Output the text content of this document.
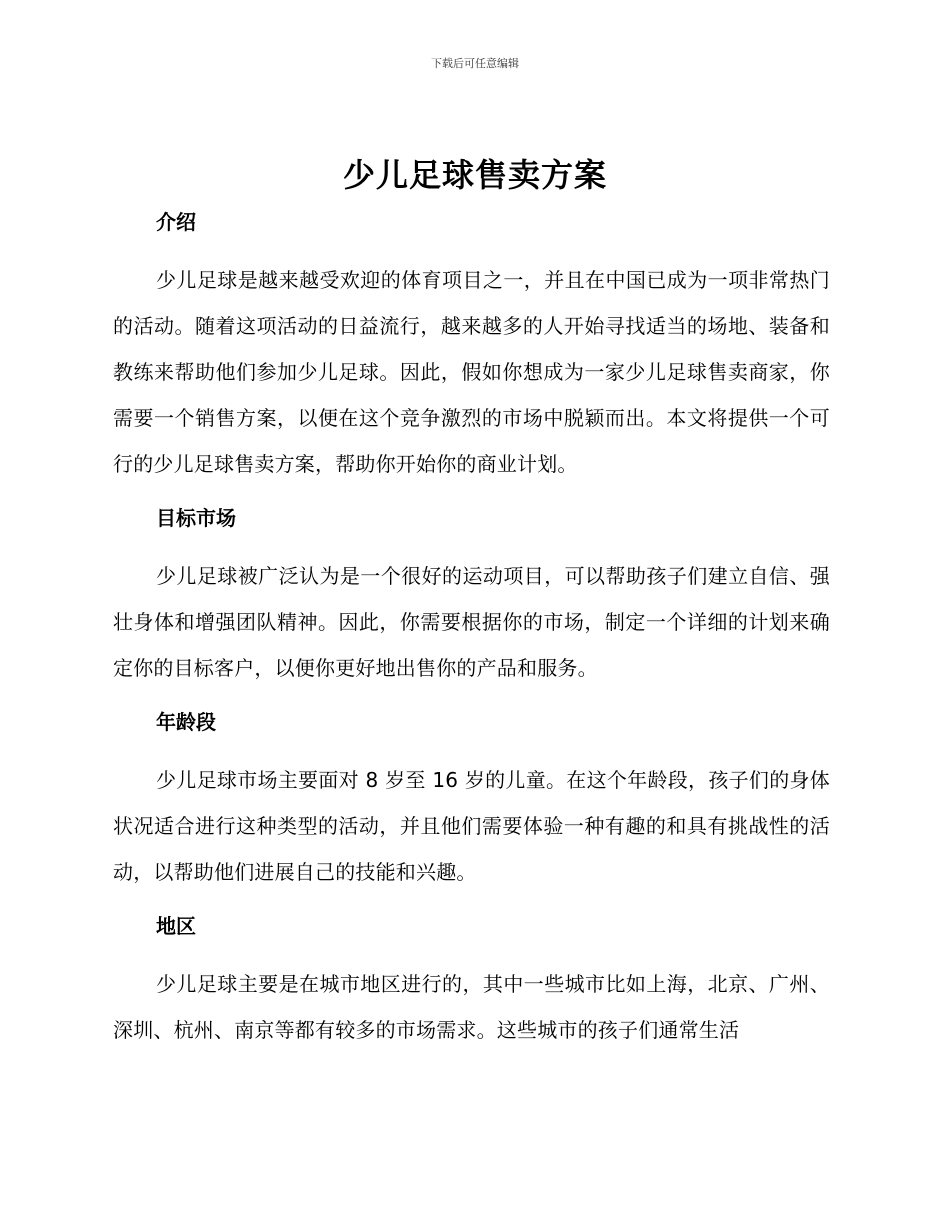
下载后可任意编辑
少儿足球售卖方案
介绍

少儿足球是越来越受欢迎的体育项目之一，并且在中国已成为一项非常热门的活动。随着这项活动的日益流行，越来越多的人开始寻找适当的场地、装备和教练来帮助他们参加少儿足球。因此，假如你想成为一家少儿足球售卖商家，你需要一个销售方案，以便在这个竞争激烈的市场中脱颖而出。本文将提供一个可行的少儿足球售卖方案，帮助你开始你的商业计划。

目标市场

少儿足球被广泛认为是一个很好的运动项目，可以帮助孩子们建立自信、强壮身体和增强团队精神。因此，你需要根据你的市场，制定一个详细的计划来确定你的目标客户，以便你更好地出售你的产品和服务。

年龄段

少儿足球市场主要面对 8 岁至 16 岁的儿童。在这个年龄段，孩子们的身体状况适合进行这种类型的活动，并且他们需要体验一种有趣的和具有挑战性的活动，以帮助他们进展自己的技能和兴趣。

地区

少儿足球主要是在城市地区进行的，其中一些城市比如上海，北京、广州、深圳、杭州、南京等都有较多的市场需求。这些城市的孩子们通常生活
